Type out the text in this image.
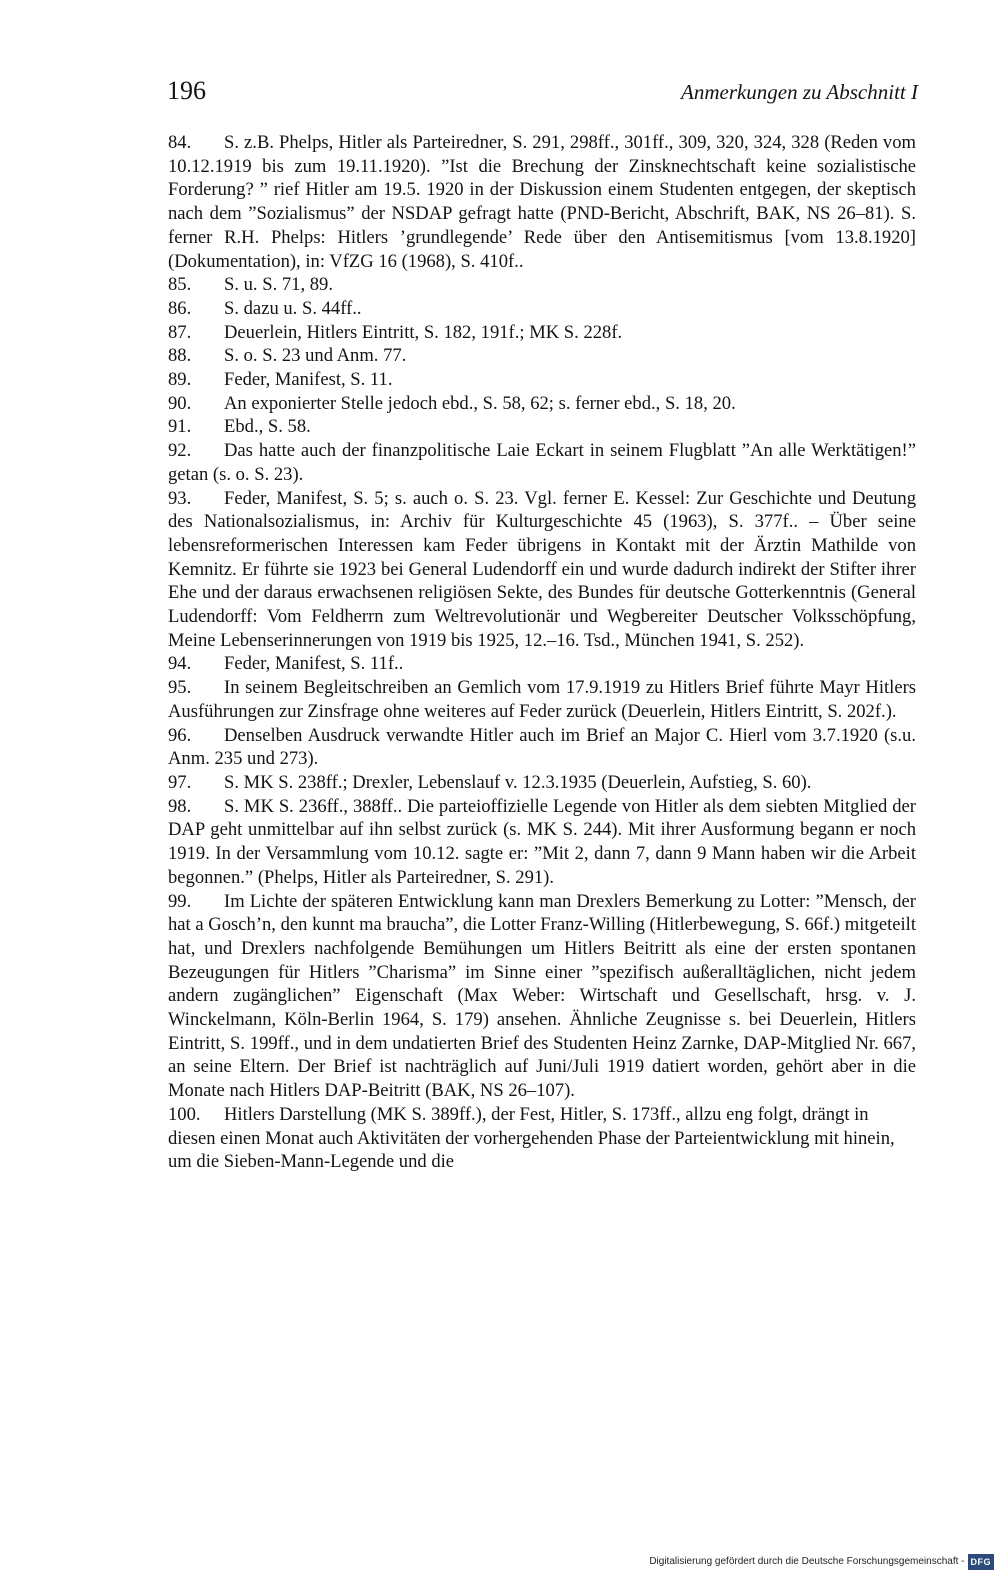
196	Anmerkungen zu Abschnitt I
84. S. z.B. Phelps, Hitler als Parteiredner, S. 291, 298ff., 301ff., 309, 320, 324, 328 (Reden vom 10.12.1919 bis zum 19.11.1920). ”Ist die Brechung der Zinsknechtschaft keine sozialistische Forderung? ” rief Hitler am 19.5. 1920 in der Diskussion einem Studenten entgegen, der skeptisch nach dem ”Sozialismus” der NSDAP gefragt hatte (PND-Bericht, Abschrift, BAK, NS 26–81). S. ferner R.H. Phelps: Hitlers ’grundlegende’ Rede über den Antisemitismus [vom 13.8.1920] (Dokumentation), in: VfZG 16 (1968), S. 410f..
85. S. u. S. 71, 89.
86. S. dazu u. S. 44ff..
87. Deuerlein, Hitlers Eintritt, S. 182, 191f.; MK S. 228f.
88. S. o. S. 23 und Anm. 77.
89. Feder, Manifest, S. 11.
90. An exponierter Stelle jedoch ebd., S. 58, 62; s. ferner ebd., S. 18, 20.
91. Ebd., S. 58.
92. Das hatte auch der finanzpolitische Laie Eckart in seinem Flugblatt ”An alle Werktätigen!” getan (s. o. S. 23).
93. Feder, Manifest, S. 5; s. auch o. S. 23. Vgl. ferner E. Kessel: Zur Geschichte und Deutung des Nationalsozialismus, in: Archiv für Kulturgeschichte 45 (1963), S. 377f.. – Über seine lebensreformerischen Interessen kam Feder übrigens in Kontakt mit der Ärztin Mathilde von Kemnitz. Er führte sie 1923 bei General Ludendorff ein und wurde dadurch indirekt der Stifter ihrer Ehe und der daraus erwachsenen religiösen Sekte, des Bundes für deutsche Gotterkenntnis (General Ludendorff: Vom Feldherrn zum Weltrevolutionär und Wegbereiter Deutscher Volksschöpfung, Meine Lebenserinnerungen von 1919 bis 1925, 12.–16. Tsd., München 1941, S. 252).
94. Feder, Manifest, S. 11f..
95. In seinem Begleitschreiben an Gemlich vom 17.9.1919 zu Hitlers Brief führte Mayr Hitlers Ausführungen zur Zinsfrage ohne weiteres auf Feder zurück (Deuerlein, Hitlers Eintritt, S. 202f.).
96. Denselben Ausdruck verwandte Hitler auch im Brief an Major C. Hierl vom 3.7.1920 (s.u. Anm. 235 und 273).
97. S. MK S. 238ff.; Drexler, Lebenslauf v. 12.3.1935 (Deuerlein, Aufstieg, S. 60).
98. S. MK S. 236ff., 388ff.. Die parteioffizielle Legende von Hitler als dem siebten Mitglied der DAP geht unmittelbar auf ihn selbst zurück (s. MK S. 244). Mit ihrer Ausformung begann er noch 1919. In der Versammlung vom 10.12. sagte er: ”Mit 2, dann 7, dann 9 Mann haben wir die Arbeit begonnen.” (Phelps, Hitler als Parteiredner, S. 291).
99. Im Lichte der späteren Entwicklung kann man Drexlers Bemerkung zu Lotter: ”Mensch, der hat a Gosch’n, den kunnt ma braucha”, die Lotter Franz-Willing (Hitlerbewegung, S. 66f.) mitgeteilt hat, und Drexlers nachfolgende Bemühungen um Hitlers Beitritt als eine der ersten spontanen Bezeugungen für Hitlers ”Charisma” im Sinne einer ”spezifisch außeralltäglichen, nicht jedem andern zugänglichen” Eigenschaft (Max Weber: Wirtschaft und Gesellschaft, hrsg. v. J. Winckelmann, Köln-Berlin 1964, S. 179) ansehen. Ähnliche Zeugnisse s. bei Deuerlein, Hitlers Eintritt, S. 199ff., und in dem undatierten Brief des Studenten Heinz Zarnke, DAP-Mitglied Nr. 667, an seine Eltern. Der Brief ist nachträglich auf Juni/Juli 1919 datiert worden, gehört aber in die Monate nach Hitlers DAP-Beitritt (BAK, NS 26–107).
100. Hitlers Darstellung (MK S. 389ff.), der Fest, Hitler, S. 173ff., allzu eng folgt, drängt in diesen einen Monat auch Aktivitäten der vorhergehenden Phase der Parteientwicklung mit hinein, um die Sieben-Mann-Legende und die
Digitalisierung gefördert durch die Deutsche Forschungsgemeinschaft - DFG
